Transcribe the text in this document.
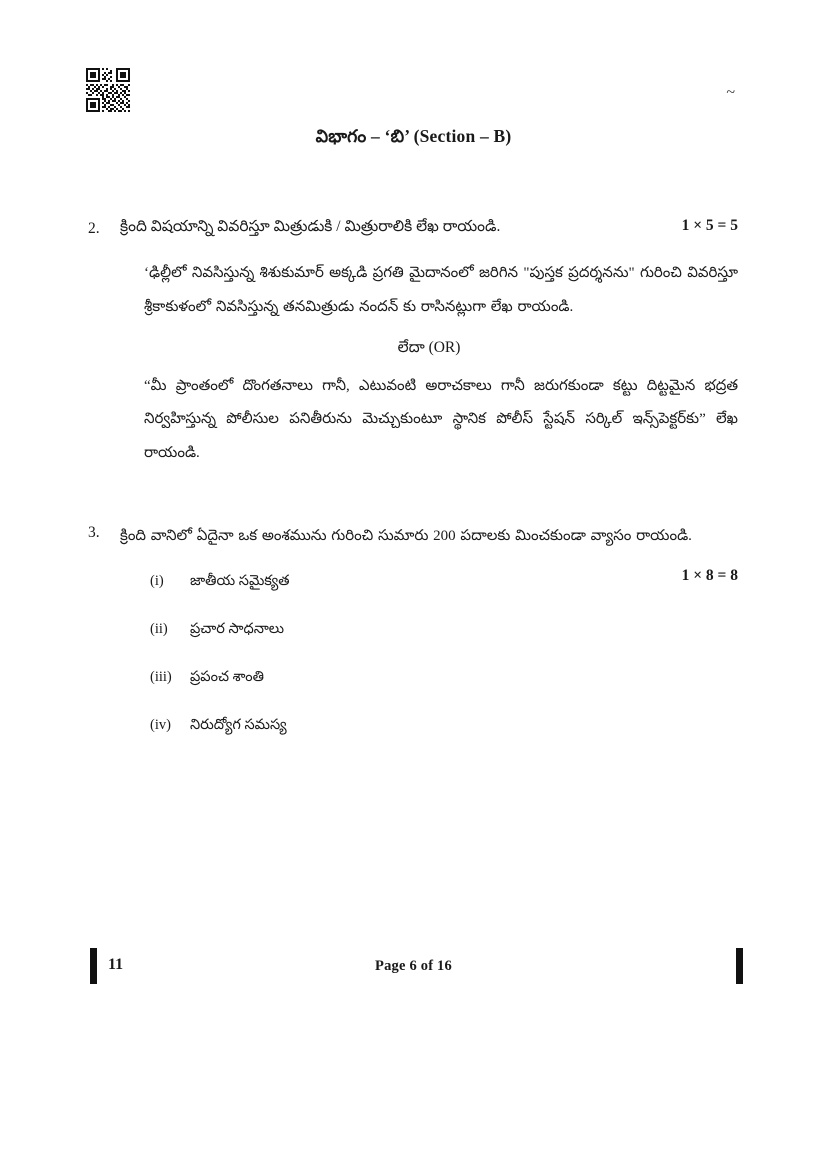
~
విభాగం – ‘బి’ (Section – B)
2.	క్రింది విషయాన్ని వివరిస్తూ మిత్రుడుకి / మిత్రురాలికి లేఖ రాయండి.	1 × 5 = 5
‘ఢిల్లీలో నివసిస్తున్న శిశుకుమార్ అక్కడి ప్రగతి మైదానంలో జరిగిన "పుస్తక ప్రదర్శనను" గురించి వివరిస్తూ శ్రీకాకుళంలో నివసిస్తున్న తనమిత్రుడు నందన్ కు రాసినట్లుగా లేఖ రాయండి.
లేదా (OR)
“మీ ప్రాంతంలో దొంగతనాలు గానీ, ఎటువంటి అరాచకాలు గానీ జరుగకుండా కట్టు దిట్టమైన భద్రత నిర్వహిస్తున్న పోలీసుల పనితీరును మెచ్చుకుంటూ స్థానిక పోలీస్ స్టేషన్ సర్కిల్ ఇన్స్‌పెక్టర్‌కు” లేఖ రాయండి.
3.	క్రింది వానిలో ఏదైనా ఒక అంశమును గురించి సుమారు 200 పదాలకు మించకుండా వ్యాసం రాయండి.
1 × 8 = 8
(i)	జాతీయ సమైక్యత
(ii)	ప్రచార సాధనాలు
(iii)	ప్రపంచ శాంతి
(iv)	నిరుద్యోగ సమస్య
11	Page 6 of 16
